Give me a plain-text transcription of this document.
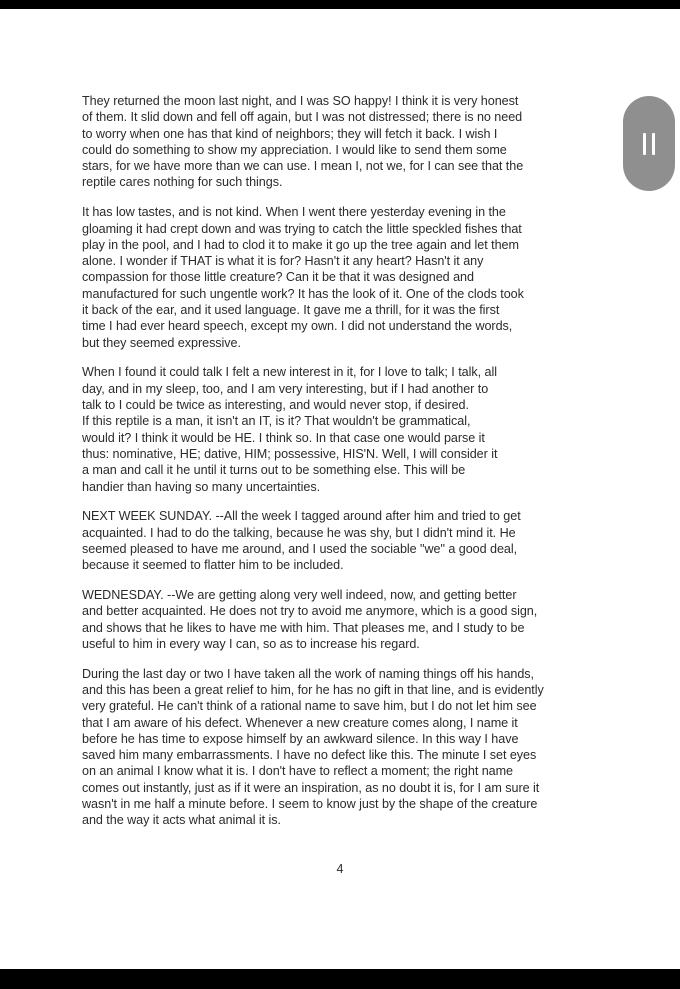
They returned the moon last night, and I was SO happy! I think it is very honest
of them. It slid down and fell off again, but I was not distressed; there is no need
to worry when one has that kind of neighbors; they will fetch it back. I wish I
could do something to show my appreciation. I would like to send them some
stars, for we have more than we can use. I mean I, not we, for I can see that the
reptile cares nothing for such things.

It has low tastes, and is not kind. When I went there yesterday evening in the
gloaming it had crept down and was trying to catch the little speckled fishes that
play in the pool, and I had to clod it to make it go up the tree again and let them
alone. I wonder if THAT is what it is for? Hasn't it any heart? Hasn't it any
compassion for those little creature? Can it be that it was designed and
manufactured for such ungentle work? It has the look of it. One of the clods took
it back of the ear, and it used language. It gave me a thrill, for it was the first
time I had ever heard speech, except my own. I did not understand the words,
but they seemed expressive.

When I found it could talk I felt a new interest in it, for I love to talk; I talk, all
day, and in my sleep, too, and I am very interesting, but if I had another to
talk to I could be twice as interesting, and would never stop, if desired.
If this reptile is a man, it isn't an IT, is it? That wouldn't be grammatical,
would it? I think it would be HE. I think so. In that case one would parse it
thus: nominative, HE; dative, HIM; possessive, HIS'N. Well, I will consider it
a man and call it he until it turns out to be something else. This will be
handier than having so many uncertainties.

NEXT WEEK SUNDAY. --All the week I tagged around after him and tried to get
acquainted. I had to do the talking, because he was shy, but I didn't mind it. He
seemed pleased to have me around, and I used the sociable "we" a good deal,
because it seemed to flatter him to be included.

WEDNESDAY. --We are getting along very well indeed, now, and getting better
and better acquainted. He does not try to avoid me anymore, which is a good sign,
and shows that he likes to have me with him. That pleases me, and I study to be
useful to him in every way I can, so as to increase his regard.

During the last day or two I have taken all the work of naming things off his hands,
and this has been a great relief to him, for he has no gift in that line, and is evidently
very grateful. He can't think of a rational name to save him, but I do not let him see
that I am aware of his defect. Whenever a new creature comes along, I name it
before he has time to expose himself by an awkward silence. In this way I have
saved him many embarrassments. I have no defect like this. The minute I set eyes
on an animal I know what it is. I don't have to reflect a moment; the right name
comes out instantly, just as if it were an inspiration, as no doubt it is, for I am sure it
wasn't in me half a minute before. I seem to know just by the shape of the creature
and the way it acts what animal it is.

4
